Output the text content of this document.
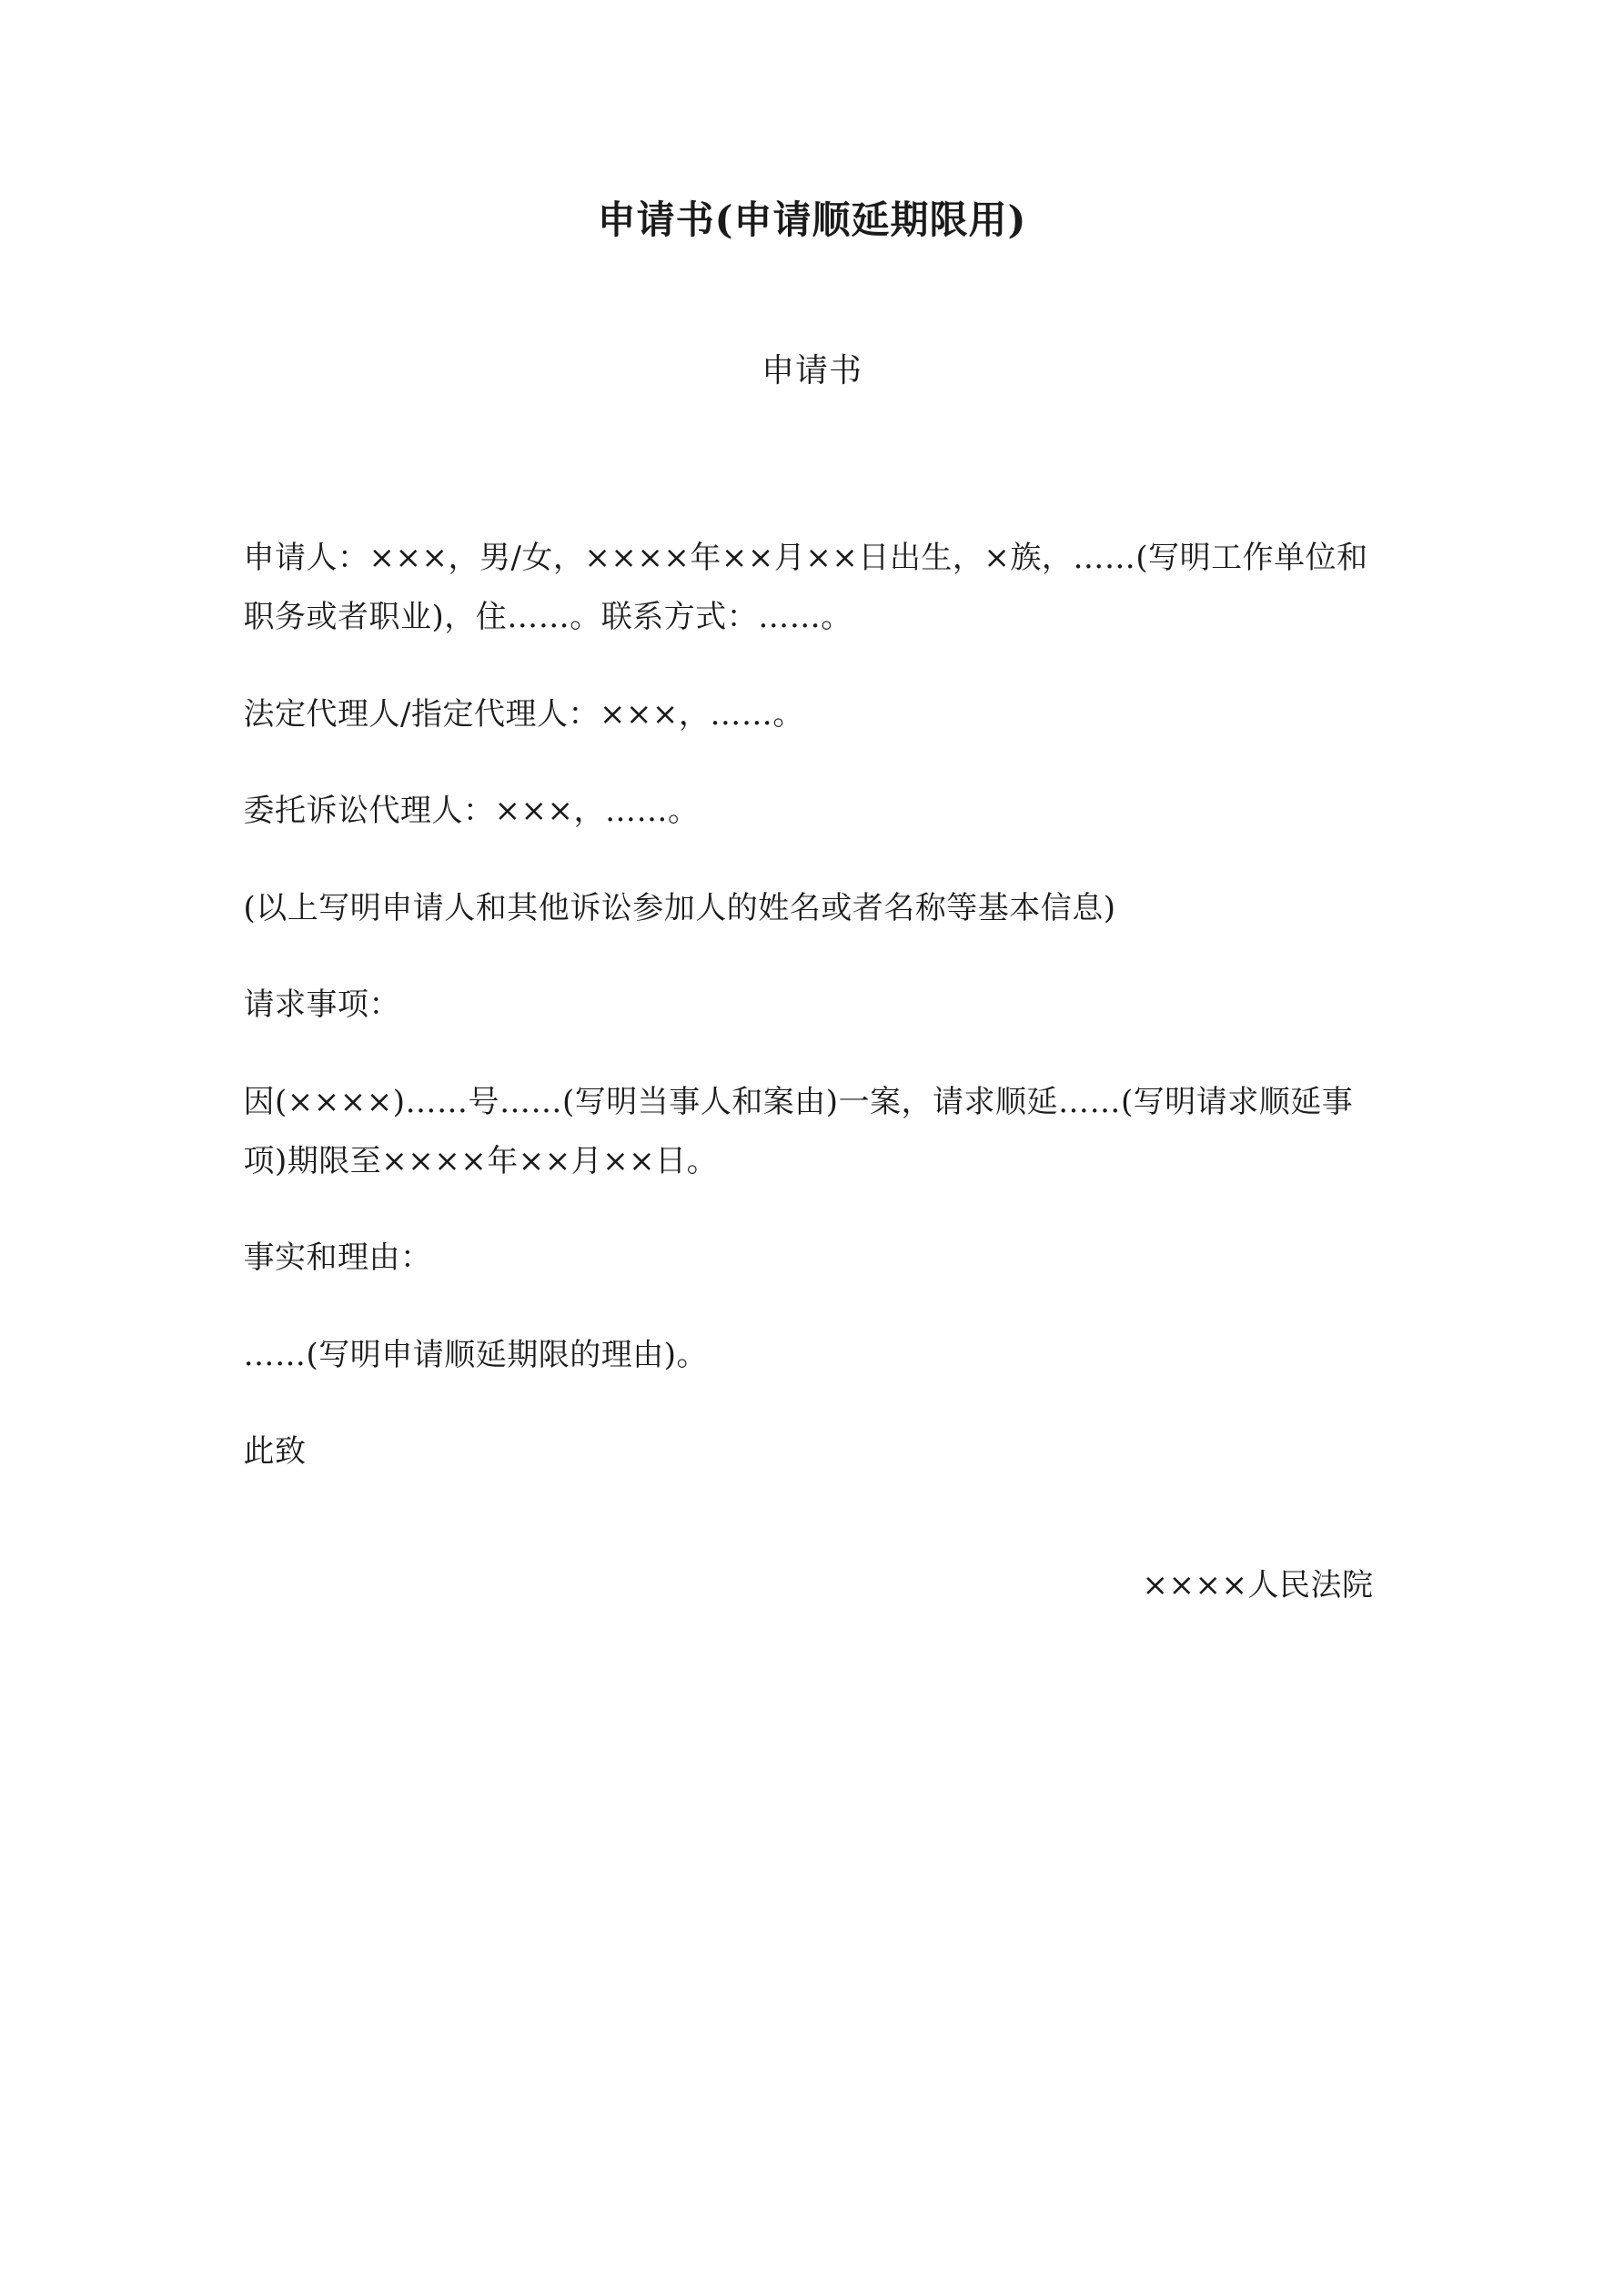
申请书(申请顺延期限用)
申请书

申请人：×××，男/女，××××年××月××日出生，×族，……(写明工作单位和职务或者职业)，住……。联系方式：……。

法定代理人/指定代理人：×××，……。

委托诉讼代理人：×××，……。

(以上写明申请人和其他诉讼参加人的姓名或者名称等基本信息)

请求事项：

因(××××)……号……(写明当事人和案由)一案，请求顺延……(写明请求顺延事项)期限至××××年××月××日。

事实和理由：

……(写明申请顺延期限的理由)。

此致

××××人民法院
